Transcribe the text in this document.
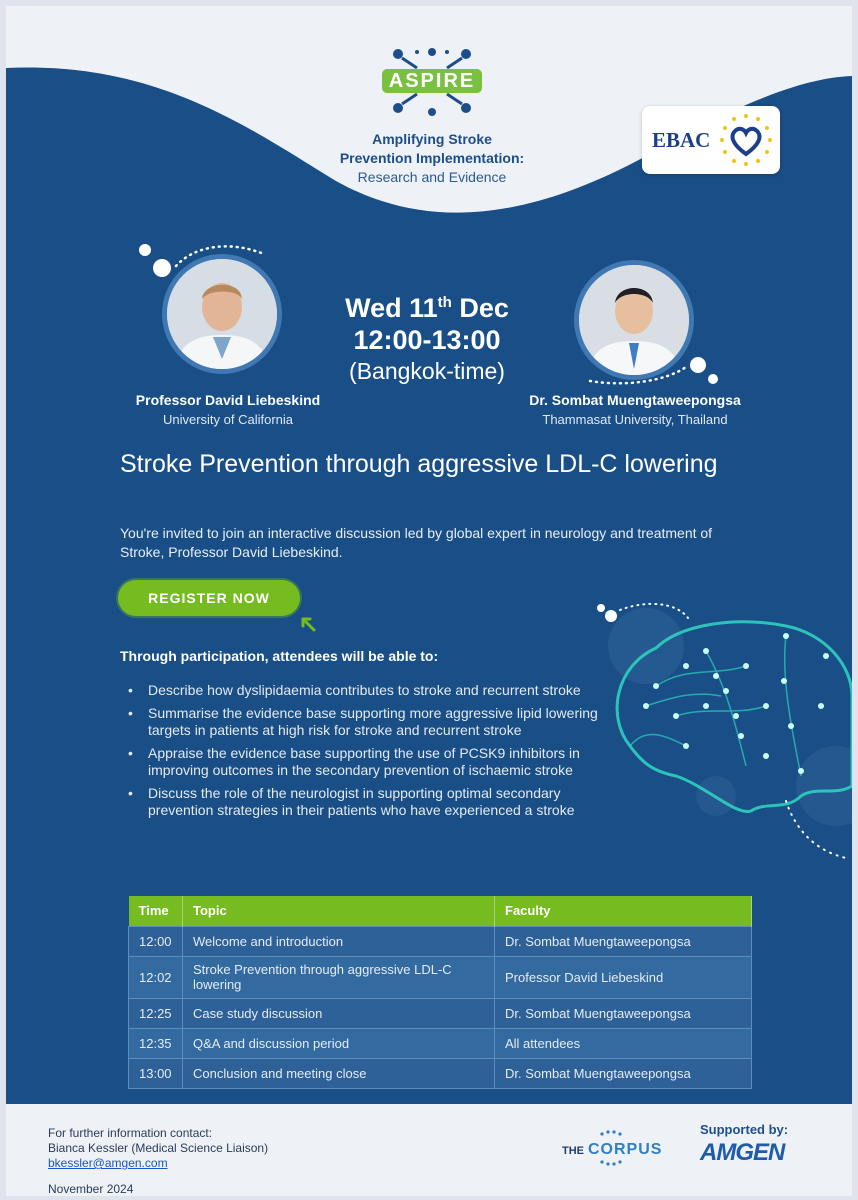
ASPIRE
Amplifying Stroke
Prevention Implementation:
Research and Evidence
EBAC
Professor David Liebeskind
University of California
Dr. Sombat Muengtaweepongsa
Thammasat University, Thailand
Wed 11th Dec
12:00-13:00
(Bangkok-time)
Stroke Prevention through aggressive LDL-C lowering
You're invited to join an interactive discussion led by global expert in neurology and treatment of Stroke, Professor David Liebeskind.
REGISTER NOW
Through participation, attendees will be able to:
• Describe how dyslipidaemia contributes to stroke and recurrent stroke
• Summarise the evidence base supporting more aggressive lipid lowering targets in patients at high risk for stroke and recurrent stroke
• Appraise the evidence base supporting the use of PCSK9 inhibitors in improving outcomes in the secondary prevention of ischaemic stroke
• Discuss the role of the neurologist in supporting optimal secondary prevention strategies in their patients who have experienced a stroke
Time	Topic	Faculty
12:00	Welcome and introduction	Dr. Sombat Muengtaweepongsa
12:02	Stroke Prevention through aggressive LDL-C lowering	Professor David Liebeskind
12:25	Case study discussion	Dr. Sombat Muengtaweepongsa
12:35	Q&A and discussion period	All attendees
13:00	Conclusion and meeting close	Dr. Sombat Muengtaweepongsa
For further information contact:
Bianca Kessler (Medical Science Liaison)
bkessler@amgen.com
November 2024
THE CORPUS
Supported by:
AMGEN
